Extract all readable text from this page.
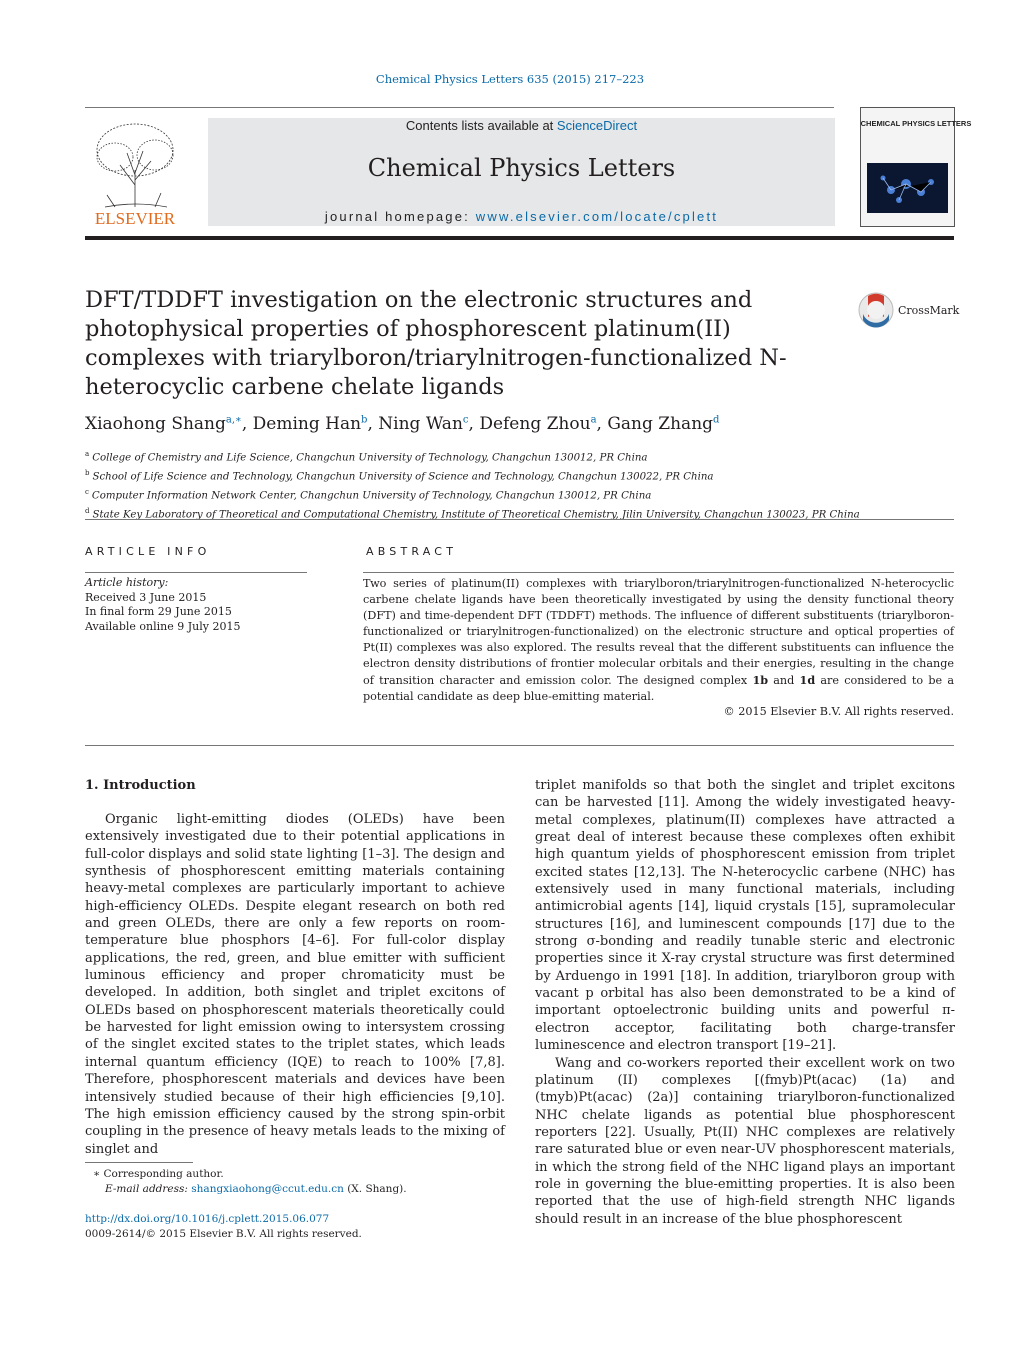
Chemical Physics Letters 635 (2015) 217–223
ELSEVIER
Contents lists available at ScienceDirect
Chemical Physics Letters
journal homepage: www.elsevier.com/locate/cplett
CHEMICAL PHYSICS LETTERS
DFT/TDDFT investigation on the electronic structures and photophysical properties of phosphorescent platinum(II) complexes with triarylboron/triarylnitrogen-functionalized N-heterocyclic carbene chelate ligands
CrossMark
Xiaohong Shang$^{a,∗}$, Deming Han$^b$, Ning Wan$^c$, Defeng Zhou$^a$, Gang Zhang$^d$
$^a$ College of Chemistry and Life Science, Changchun University of Technology, Changchun 130012, PR China
$^b$ School of Life Science and Technology, Changchun University of Science and Technology, Changchun 130022, PR China
$^c$ Computer Information Network Center, Changchun University of Technology, Changchun 130012, PR China
$^d$ State Key Laboratory of Theoretical and Computational Chemistry, Institute of Theoretical Chemistry, Jilin University, Changchun 130023, PR China
ARTICLE INFO	ABSTRACT
Article history:
Received 3 June 2015
In final form 29 June 2015
Available online 9 July 2015

Two series of platinum(II) complexes with triarylboron/triarylnitrogen-functionalized N-heterocyclic carbene chelate ligands have been theoretically investigated by using the density functional theory (DFT) and time-dependent DFT (TDDFT) methods. The influence of different substituents (triarylboron-functionalized or triarylnitrogen-functionalized) on the electronic structure and optical properties of Pt(II) complexes was also explored. The results reveal that the different substituents can influence the electron density distributions of frontier molecular orbitals and their energies, resulting in the change of transition character and emission color. The designed complex 1b and 1d are considered to be a potential candidate as deep blue-emitting material.

© 2015 Elsevier B.V. All rights reserved.
1. Introduction

Organic light-emitting diodes (OLEDs) have been extensively investigated due to their potential applications in full-color displays and solid state lighting [1–3]. The design and synthesis of phosphorescent emitting materials containing heavy-metal complexes are particularly important to achieve high-efficiency OLEDs. Despite elegant research on both red and green OLEDs, there are only a few reports on room-temperature blue phosphors [4–6]. For full-color display applications, the red, green, and blue emitter with sufficient luminous efficiency and proper chromaticity must be developed. In addition, both singlet and triplet excitons of OLEDs based on phosphorescent materials theoretically could be harvested for light emission owing to intersystem crossing of the singlet excited states to the triplet states, which leads internal quantum efficiency (IQE) to reach to 100% [7,8]. Therefore, phosphorescent materials and devices have been intensively studied because of their high efficiencies [9,10]. The high emission efficiency caused by the strong spin-orbit coupling in the presence of heavy metals leads to the mixing of singlet and

triplet manifolds so that both the singlet and triplet excitons can be harvested [11]. Among the widely investigated heavy-metal complexes, platinum(II) complexes have attracted a great deal of interest because these complexes often exhibit high quantum yields of phosphorescent emission from triplet excited states [12,13]. The N-heterocyclic carbene (NHC) has extensively used in many functional materials, including antimicrobial agents [14], liquid crystals [15], supramolecular structures [16], and luminescent compounds [17] due to the strong σ-bonding and readily tunable steric and electronic properties since it X-ray crystal structure was first determined by Arduengo in 1991 [18]. In addition, triarylboron group with vacant p orbital has also been demonstrated to be a kind of important optoelectronic building units and powerful π-electron acceptor, facilitating both charge-transfer luminescence and electron transport [19–21].

Wang and co-workers reported their excellent work on two platinum (II) complexes [(fmyb)Pt(acac) (1a) and (tmyb)Pt(acac) (2a)] containing triarylboron-functionalized NHC chelate ligands as potential blue phosphorescent reporters [22]. Usually, Pt(II) NHC complexes are relatively rare saturated blue or even near-UV phosphorescent materials, in which the strong field of the NHC ligand plays an important role in governing the blue-emitting properties. It is also been reported that the use of high-field strength NHC ligands should result in an increase of the blue phosphorescent

∗ Corresponding author.
E-mail address: shangxiaohong@ccut.edu.cn (X. Shang).
http://dx.doi.org/10.1016/j.cplett.2015.06.077
0009-2614/© 2015 Elsevier B.V. All rights reserved.
